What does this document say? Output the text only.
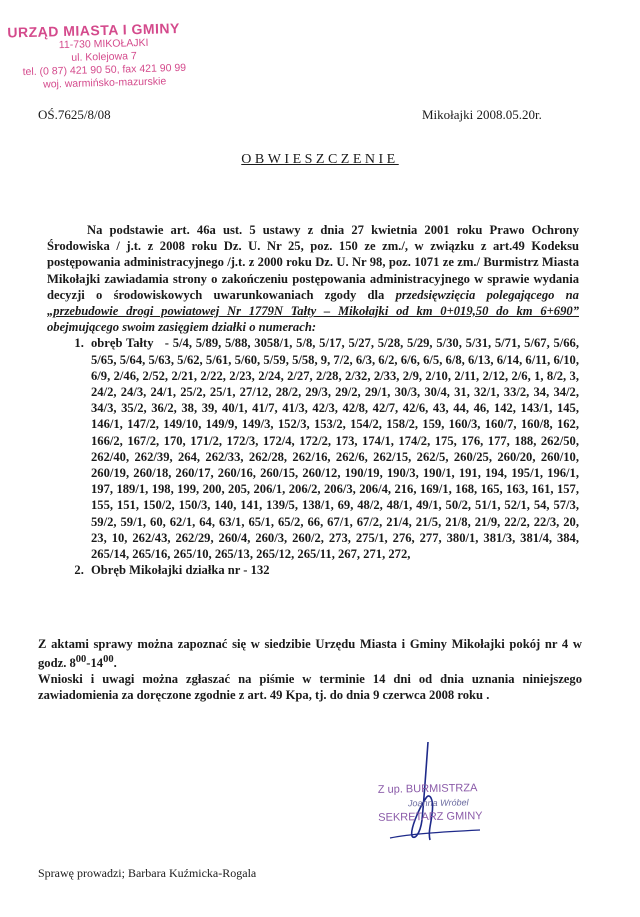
URZĄD MIASTA I GMINY
11-730 MIKOŁAJKI
ul. Kolejowa 7
tel. (0 87) 421 90 50, fax 421 90 99
woj. warmińsko-mazurskie
OŚ.7625/8/08	Mikołajki 2008.05.20r.
OBWIESZCZENIE

Na podstawie art. 46a ust. 5 ustawy z dnia 27 kwietnia 2001 roku Prawo Ochrony Środowiska / j.t. z 2008 roku Dz. U. Nr 25, poz. 150 ze zm./, w związku z art.49 Kodeksu postępowania administracyjnego /j.t. z 2000 roku Dz. U. Nr 98, poz. 1071 ze zm./ Burmistrz Miasta Mikołajki zawiadamia strony o zakończeniu postępowania administracyjnego w sprawie wydania decyzji o środowiskowych uwarunkowaniach zgody dla przedsięwzięcia polegającego na „przebudowie drogi powiatowej Nr 1779N Tałty – Mikołajki od km 0+019,50 do km 6+690” obejmującego swoim zasięgiem działki o numerach:

1. obręb Tałty - 5/4, 5/89, 5/88, 3058/1, 5/8, 5/17, 5/27, 5/28, 5/29, 5/30, 5/31, 5/71, 5/67, 5/66, 5/65, 5/64, 5/63, 5/62, 5/61, 5/60, 5/59, 5/58, 9, 7/2, 6/3, 6/2, 6/6, 6/5, 6/8, 6/13, 6/14, 6/11, 6/10, 6/9, 2/46, 2/52, 2/21, 2/22, 2/23, 2/24, 2/27, 2/28, 2/32, 2/33, 2/9, 2/10, 2/11, 2/12, 2/6, 1, 8/2, 3, 24/2, 24/3, 24/1, 25/2, 25/1, 27/12, 28/2, 29/3, 29/2, 29/1, 30/3, 30/4, 31, 32/1, 33/2, 34, 34/2, 34/3, 35/2, 36/2, 38, 39, 40/1, 41/7, 41/3, 42/3, 42/8, 42/7, 42/6, 43, 44, 46, 142, 143/1, 145, 146/1, 147/2, 149/10, 149/9, 149/3, 152/3, 153/2, 154/2, 158/2, 159, 160/3, 160/7, 160/8, 162, 166/2, 167/2, 170, 171/2, 172/3, 172/4, 172/2, 173, 174/1, 174/2, 175, 176, 177, 188, 262/50, 262/40, 262/39, 264, 262/33, 262/28, 262/16, 262/6, 262/15, 262/5, 260/25, 260/20, 260/10, 260/19, 260/18, 260/17, 260/16, 260/15, 260/12, 190/19, 190/3, 190/1, 191, 194, 195/1, 196/1, 197, 189/1, 198, 199, 200, 205, 206/1, 206/2, 206/3, 206/4, 216, 169/1, 168, 165, 163, 161, 157, 155, 151, 150/2, 150/3, 140, 141, 139/5, 138/1, 69, 48/2, 48/1, 49/1, 50/2, 51/1, 52/1, 54, 57/3, 59/2, 59/1, 60, 62/1, 64, 63/1, 65/1, 65/2, 66, 67/1, 67/2, 21/4, 21/5, 21/8, 21/9, 22/2, 22/3, 20, 23, 10, 262/43, 262/29, 260/4, 260/3, 260/2, 273, 275/1, 276, 277, 380/1, 381/3, 381/4, 384, 265/14, 265/16, 265/10, 265/13, 265/12, 265/11, 267, 271, 272,
2. Obręb Mikołajki działka nr - 132

Z aktami sprawy można zapoznać się w siedzibie Urzędu Miasta i Gminy Mikołajki pokój nr 4 w godz. $8^{00}-14^{00}$.

Wnioski i uwagi można zgłaszać na piśmie w terminie 14 dni od dnia uznania niniejszego zawiadomienia za doręczone zgodnie z art. 49 Kpa, tj. do dnia 9 czerwca 2008 roku .

Z up. BURMISTRZA
Joanna Wróbel
SEKRETARZ GMINY
Sprawę prowadzi; Barbara Kuźmicka-Rogala
